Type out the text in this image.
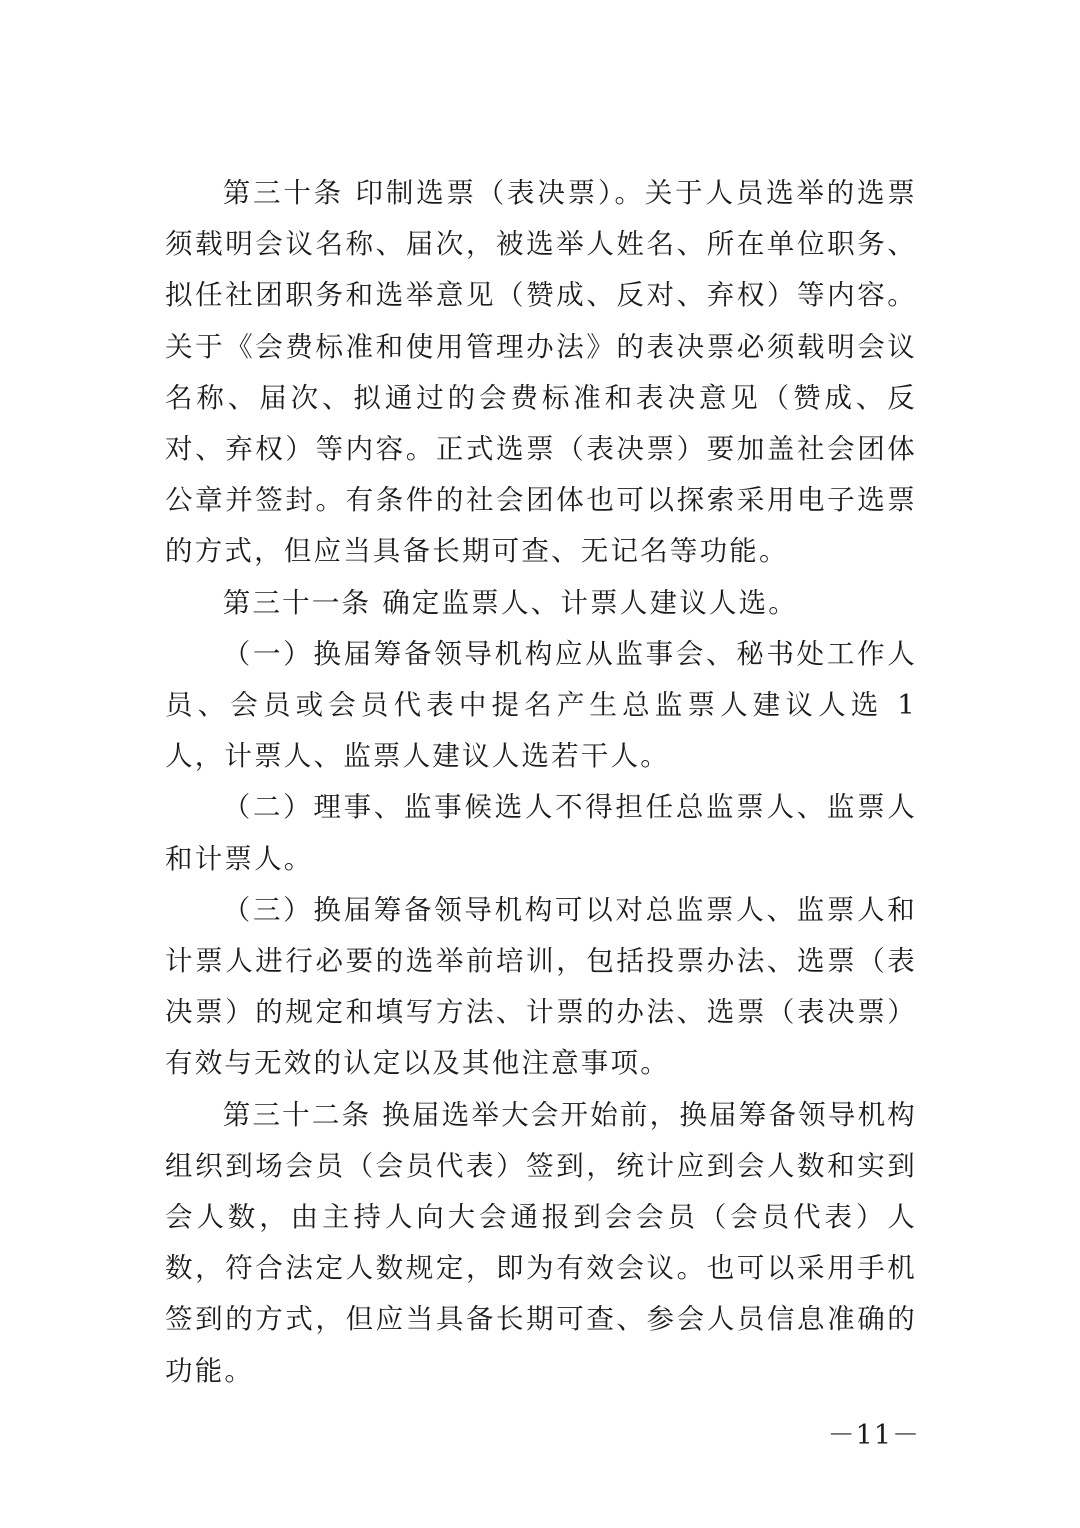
第三十条 印制选票（表决票）。关于人员选举的选票须载明会议名称、届次，被选举人姓名、所在单位职务、拟任社团职务和选举意见（赞成、反对、弃权）等内容。关于《会费标准和使用管理办法》的表决票必须载明会议名称、届次、拟通过的会费标准和表决意见（赞成、反对、弃权）等内容。正式选票（表决票）要加盖社会团体公章并签封。有条件的社会团体也可以探索采用电子选票的方式，但应当具备长期可查、无记名等功能。

第三十一条 确定监票人、计票人建议人选。

（一）换届筹备领导机构应从监事会、秘书处工作人员、会员或会员代表中提名产生总监票人建议人选 1 人，计票人、监票人建议人选若干人。

（二）理事、监事候选人不得担任总监票人、监票人和计票人。

（三）换届筹备领导机构可以对总监票人、监票人和计票人进行必要的选举前培训，包括投票办法、选票（表决票）的规定和填写方法、计票的办法、选票（表决票）有效与无效的认定以及其他注意事项。

第三十二条 换届选举大会开始前，换届筹备领导机构组织到场会员（会员代表）签到，统计应到会人数和实到会人数，由主持人向大会通报到会会员（会员代表）人数，符合法定人数规定，即为有效会议。也可以采用手机签到的方式，但应当具备长期可查、参会人员信息准确的功能。

－11－
